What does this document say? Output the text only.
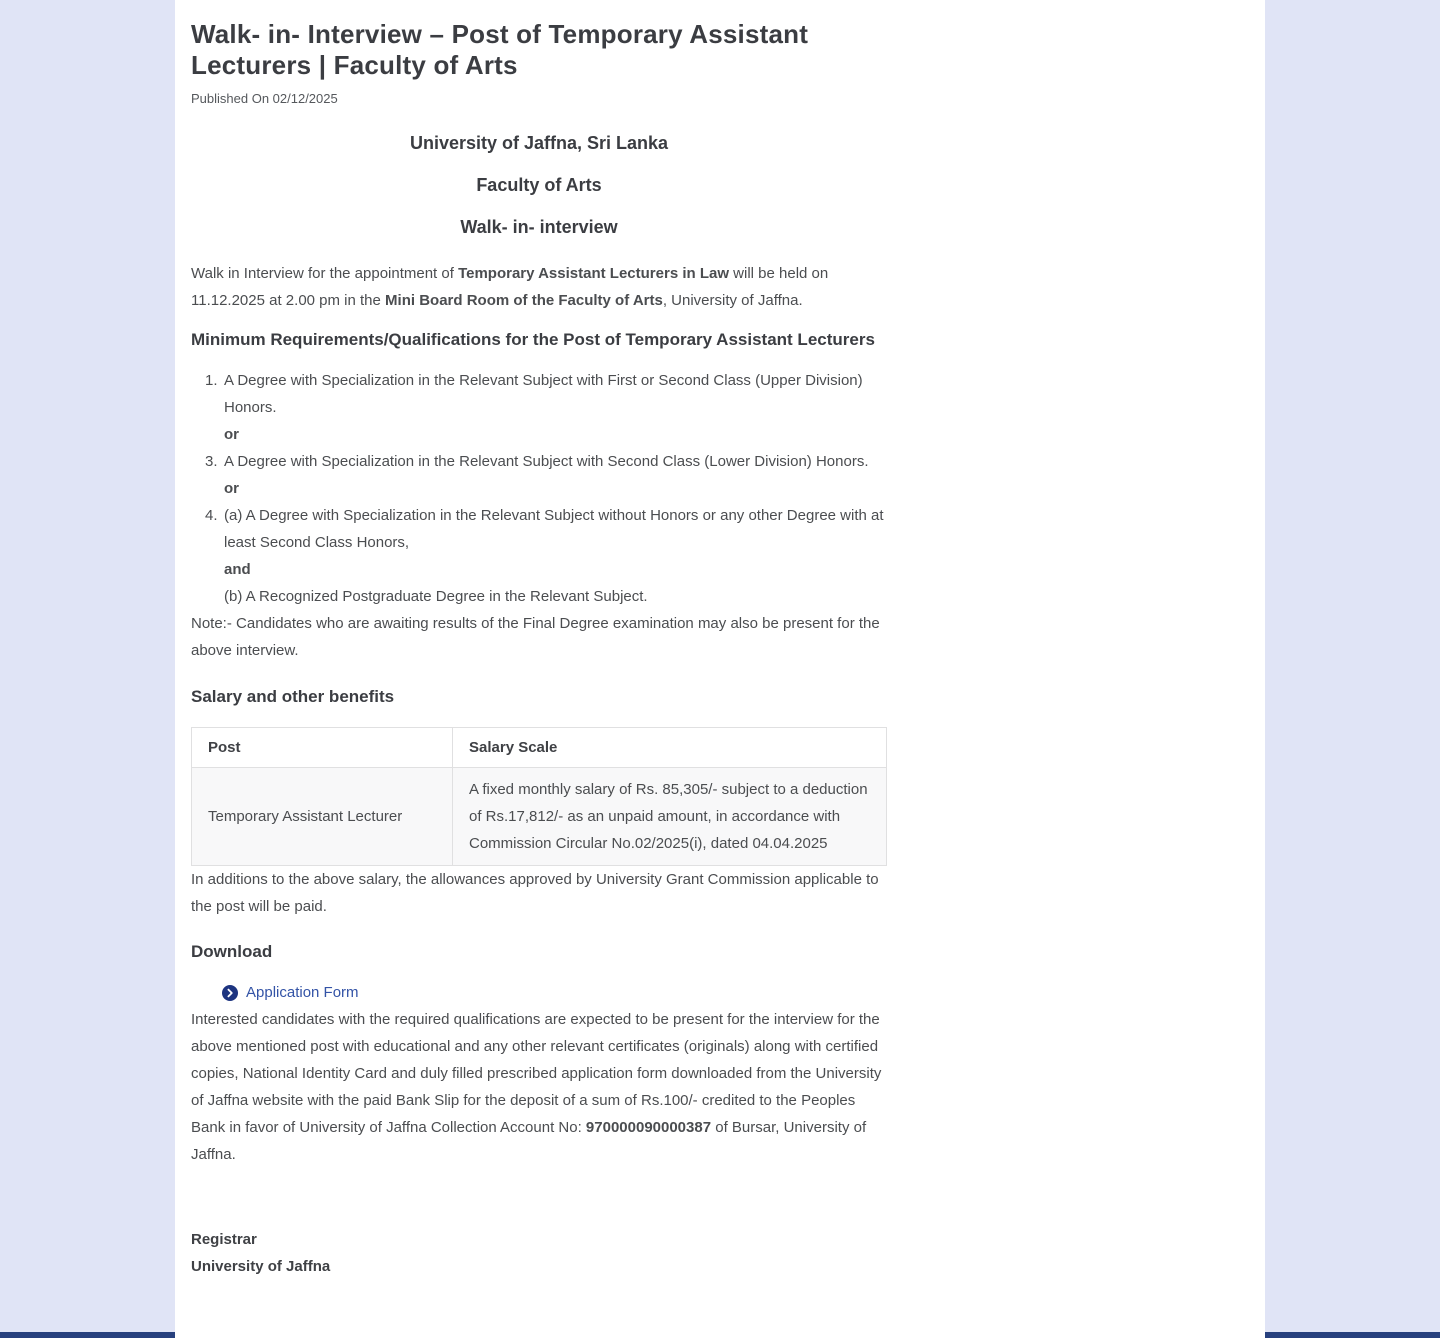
Walk- in- Interview – Post of Temporary Assistant Lecturers | Faculty of Arts

Published On 02/12/2025

University of Jaffna, Sri Lanka
Faculty of Arts
Walk- in- interview

Walk in Interview for the appointment of Temporary Assistant Lecturers in Law will be held on 11.12.2025 at 2.00 pm in the Mini Board Room of the Faculty of Arts, University of Jaffna.

Minimum Requirements/Qualifications for the Post of Temporary Assistant Lecturers
1. A Degree with Specialization in the Relevant Subject with First or Second Class (Upper Division) Honors.
or
3. A Degree with Specialization in the Relevant Subject with Second Class (Lower Division) Honors.
or
4. (a) A Degree with Specialization in the Relevant Subject without Honors or any other Degree with at least Second Class Honors,
and
(b) A Recognized Postgraduate Degree in the Relevant Subject.

Note:- Candidates who are awaiting results of the Final Degree examination may also be present for the above interview.

Salary and other benefits
Post	Salary Scale
Temporary Assistant Lecturer	A fixed monthly salary of Rs. 85,305/- subject to a deduction of Rs.17,812/- as an unpaid amount, in accordance with Commission Circular No.02/2025(i), dated 04.04.2025

In additions to the above salary, the allowances approved by University Grant Commission applicable to the post will be paid.

Download
Application Form

Interested candidates with the required qualifications are expected to be present for the interview for the above mentioned post with educational and any other relevant certificates (originals) along with certified copies, National Identity Card and duly filled prescribed application form downloaded from the University of Jaffna website with the paid Bank Slip for the deposit of a sum of Rs.100/- credited to the Peoples Bank in favor of University of Jaffna Collection Account No: 970000090000387 of Bursar, University of Jaffna.

Registrar
University of Jaffna
